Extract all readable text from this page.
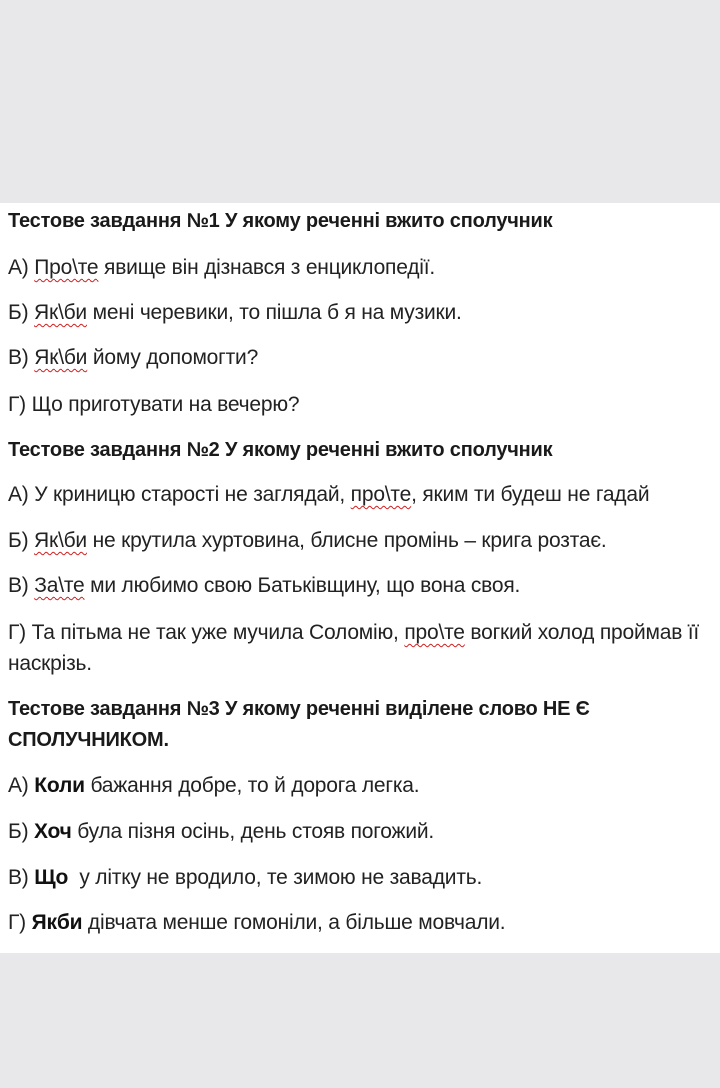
Тестове завдання №1 У якому реченні вжито сполучник
А) Про\те явище він дізнався з енциклопедії.
Б) Як\би мені черевики, то пішла б я на музики.
В) Як\би йому допомогти?
Г) Що приготувати на вечерю?
Тестове завдання №2 У якому реченні вжито сполучник
А) У криницю старості не заглядай, про\те, яким ти будеш не гадай
Б) Як\би не крутила хуртовина, блисне промінь – крига розтає.
В) За\те ми любимо свою Батьківщину, що вона своя.
Г) Та пітьма не так уже мучила Соломію, про\те вогкий холод проймав її
наскрізь.
Тестове завдання №3 У якому реченні виділене слово НЕ Є
СПОЛУЧНИКОМ.
А) Коли бажання добре, то й дорога легка.
Б) Хоч була пізня осінь, день стояв погожий.
В) Що  у літку не вродило, те зимою не завадить.
Г) Якби дівчата менше гомоніли, а більше мовчали.
